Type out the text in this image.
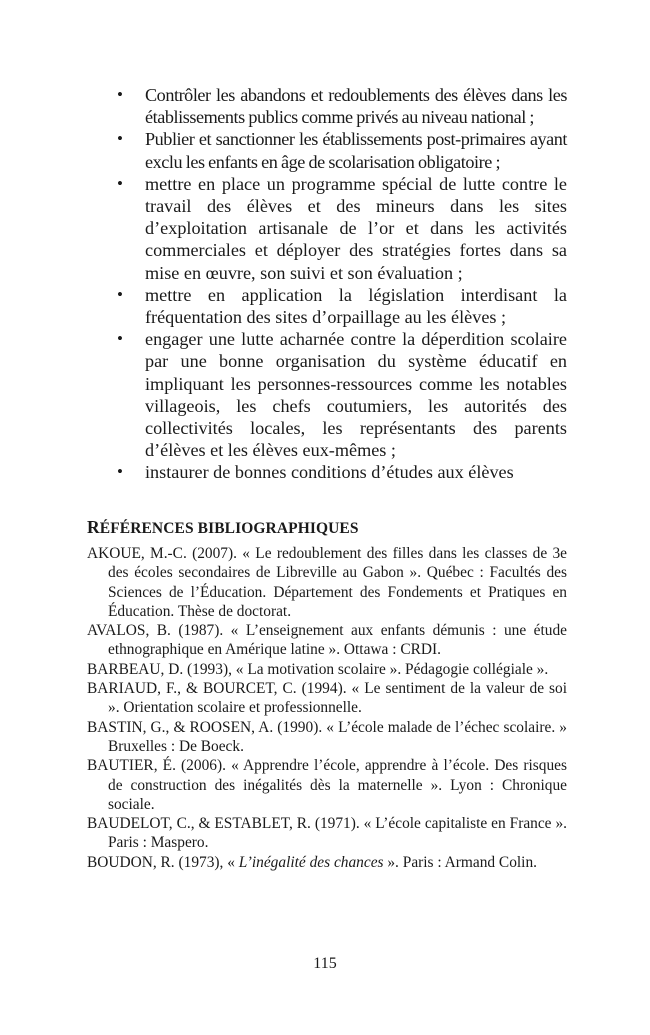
• Contrôler les abandons et redoublements des élèves dans les établissements publics comme privés au niveau national ;
• Publier et sanctionner les établissements post-primaires ayant exclu les enfants en âge de scolarisation obligatoire ;
• mettre en place un programme spécial de lutte contre le travail des élèves et des mineurs dans les sites d’exploitation artisanale de l’or et dans les activités commerciales et déployer des stratégies fortes dans sa mise en œuvre, son suivi et son évaluation ;
• mettre en application la législation interdisant la fréquentation des sites d’orpaillage au les élèves ;
• engager une lutte acharnée contre la déperdition scolaire par une bonne organisation du système éducatif en impliquant les personnes-ressources comme les notables villageois, les chefs coutumiers, les autorités des collectivités locales, les représentants des parents d’élèves et les élèves eux-mêmes ;
• instaurer de bonnes conditions d’études aux élèves
RÉFÉRENCES BIBLIOGRAPHIQUES
AKOUE, M.-C. (2007). « Le redoublement des filles dans les classes de 3e des écoles secondaires de Libreville au Gabon ». Québec : Facultés des Sciences de l’Éducation. Département des Fondements et Pratiques en Éducation. Thèse de doctorat.
AVALOS, B. (1987). « L’enseignement aux enfants démunis : une étude ethnographique en Amérique latine ». Ottawa : CRDI.
BARBEAU, D. (1993), « La motivation scolaire ». Pédagogie collégiale ».
BARIAUD, F., & BOURCET, C. (1994). « Le sentiment de la valeur de soi ». Orientation scolaire et professionnelle.
BASTIN, G., & ROOSEN, A. (1990). « L’école malade de l’échec scolaire. » Bruxelles : De Boeck.
BAUTIER, É. (2006). « Apprendre l’école, apprendre à l’école. Des risques de construction des inégalités dès la maternelle ». Lyon : Chronique sociale.
BAUDELOT, C., & ESTABLET, R. (1971). « L’école capitaliste en France ». Paris : Maspero.
BOUDON, R. (1973), « L’inégalité des chances ». Paris : Armand Colin.
115
